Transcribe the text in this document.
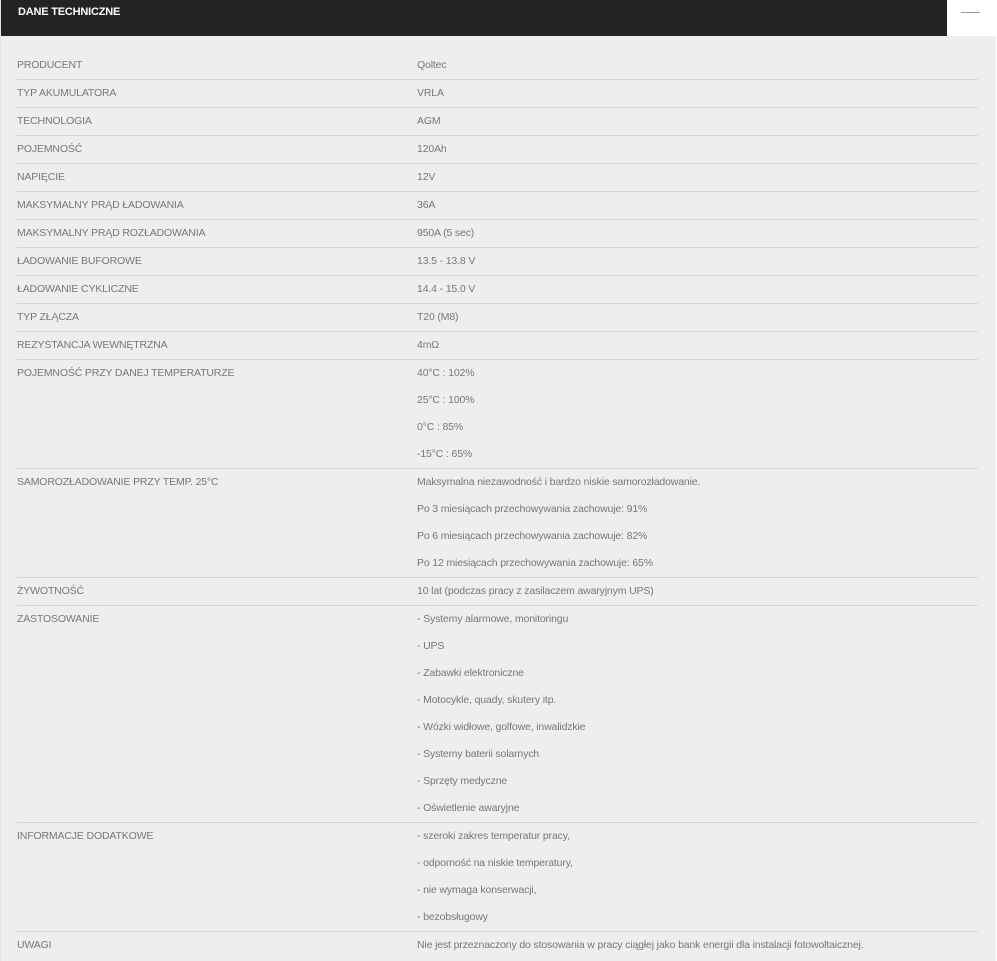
DANE TECHNICZNE
PRODUCENT	Qoltec
TYP AKUMULATORA	VRLA
TECHNOLOGIA	AGM
POJEMNOŚĆ	120Ah
NAPIĘCIE	12V
MAKSYMALNY PRĄD ŁADOWANIA	36A
MAKSYMALNY PRĄD ROZŁADOWANIA	950A (5 sec)
ŁADOWANIE BUFOROWE	13.5 - 13.8 V
ŁADOWANIE CYKLICZNE	14.4 - 15.0 V
TYP ZŁĄCZA	T20 (M8)
REZYSTANCJA WEWNĘTRZNA	4mΩ
POJEMNOŚĆ PRZY DANEJ TEMPERATURZE	40°C : 102%
25°C : 100%
0°C : 85%
-15°C : 65%
SAMOROZŁADOWANIE PRZY TEMP. 25°C	Maksymalna niezawodność i bardzo niskie samorozładowanie.
Po 3 miesiącach przechowywania zachowuje: 91%
Po 6 miesiącach przechowywania zachowuje: 82%
Po 12 miesiącach przechowywania zachowuje: 65%
ŻYWOTNOŚĆ	10 lat (podczas pracy z zasilaczem awaryjnym UPS)
ZASTOSOWANIE	- Systemy alarmowe, monitoringu
- UPS
- Zabawki elektroniczne
- Motocykle, quady, skutery itp.
- Wózki widłowe, golfowe, inwalidzkie
- Systemy baterii solarnych
- Sprzęty medyczne
- Oświetlenie awaryjne
INFORMACJE DODATKOWE	- szeroki zakres temperatur pracy,
- odporność na niskie temperatury,
- nie wymaga konserwacji,
- bezobsługowy
UWAGI	Nie jest przeznaczony do stosowania w pracy ciągłej jako bank energii dla instalacji fotowoltaicznej.
